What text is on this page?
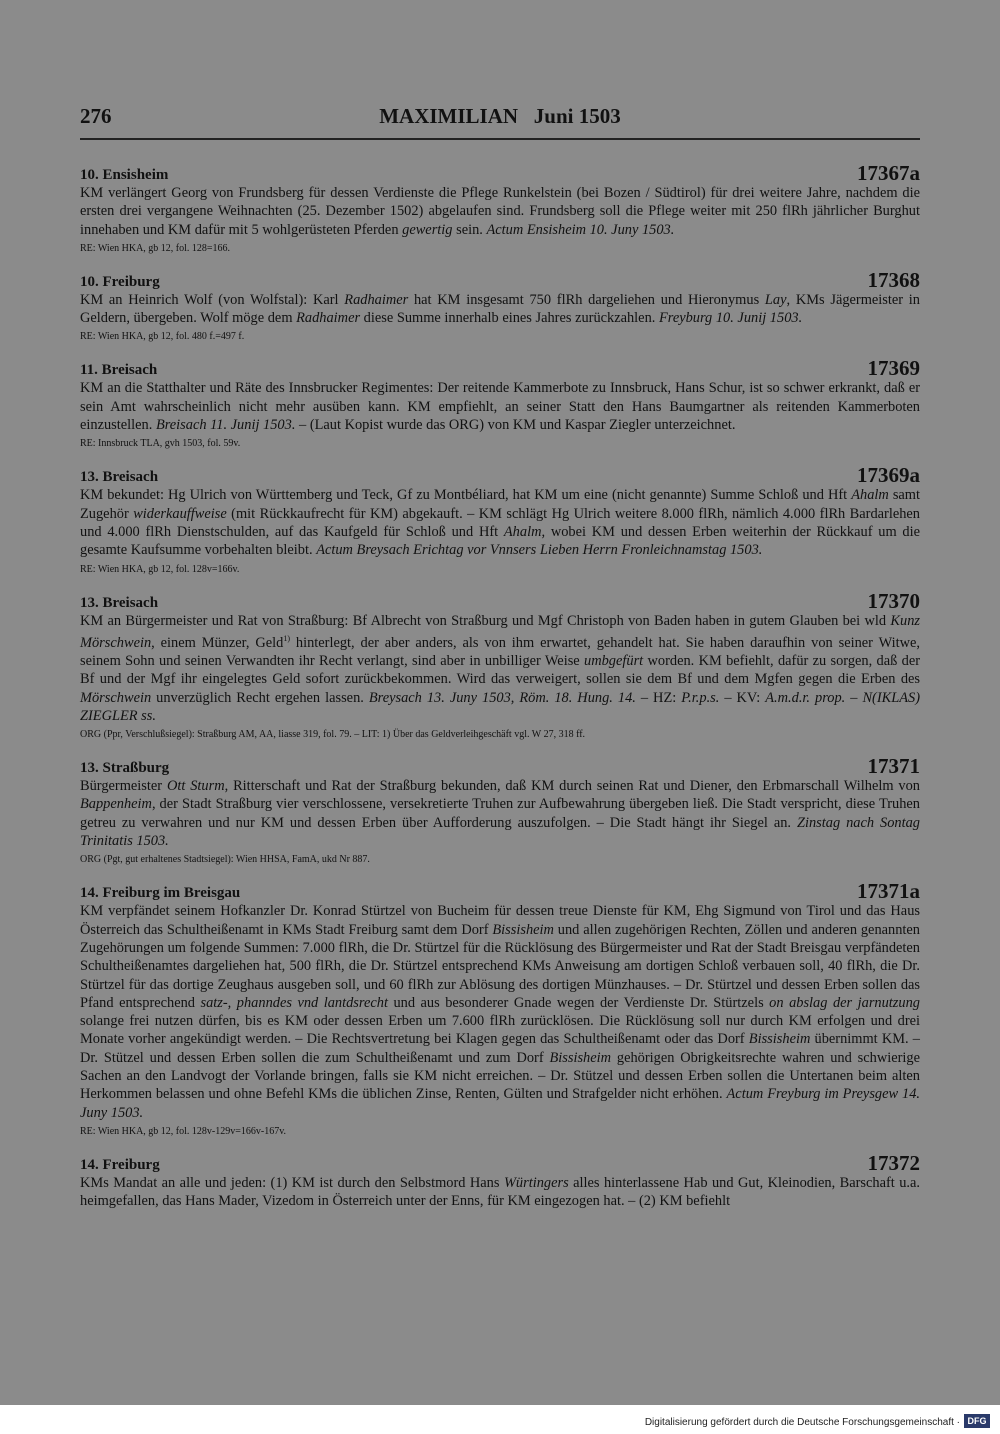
276	MAXIMILIAN   Juni 1503
10. Ensisheim	17367a

KM verlängert Georg von Frundsberg für dessen Verdienste die Pflege Runkelstein (bei Bozen / Südtirol) für drei weitere Jahre, nachdem die ersten drei vergangene Weihnachten (25. Dezember 1502) abgelaufen sind. Frundsberg soll die Pflege weiter mit 250 flRh jährlicher Burghut innehaben und KM dafür mit 5 wohlgerüsteten Pferden gewertig sein. Actum Ensisheim 10. Juny 1503.

RE: Wien HKA, gb 12, fol. 128=166.
10. Freiburg	17368

KM an Heinrich Wolf (von Wolfstal): Karl Radhaimer hat KM insgesamt 750 flRh dargeliehen und Hieronymus Lay, KMs Jägermeister in Geldern, übergeben. Wolf möge dem Radhaimer diese Summe innerhalb eines Jahres zurückzahlen. Freyburg 10. Junij 1503.

RE: Wien HKA, gb 12, fol. 480 f.=497 f.
11. Breisach	17369

KM an die Statthalter und Räte des Innsbrucker Regimentes: Der reitende Kammerbote zu Innsbruck, Hans Schur, ist so schwer erkrankt, daß er sein Amt wahrscheinlich nicht mehr ausüben kann. KM empfiehlt, an seiner Statt den Hans Baumgartner als reitenden Kammerboten einzustellen. Breisach 11. Junij 1503. – (Laut Kopist wurde das ORG) von KM und Kaspar Ziegler unterzeichnet.

RE: Innsbruck TLA, gvh 1503, fol. 59v.
13. Breisach	17369a

KM bekundet: Hg Ulrich von Württemberg und Teck, Gf zu Montbéliard, hat KM um eine (nicht genannte) Summe Schloß und Hft Ahalm samt Zugehör widerkauffweise (mit Rückkaufrecht für KM) abgekauft. – KM schlägt Hg Ulrich weitere 8.000 flRh, nämlich 4.000 flRh Bardarlehen und 4.000 flRh Dienstschulden, auf das Kaufgeld für Schloß und Hft Ahalm, wobei KM und dessen Erben weiterhin der Rückkauf um die gesamte Kaufsumme vorbehalten bleibt. Actum Breysach Erichtag vor Vnnsers Lieben Herrn Fronleichnamstag 1503.

RE: Wien HKA, gb 12, fol. 128v=166v.
13. Breisach	17370

KM an Bürgermeister und Rat von Straßburg: Bf Albrecht von Straßburg und Mgf Christoph von Baden haben in gutem Glauben bei wld Kunz Mörschwein, einem Münzer, Geld$^{1)}$ hinterlegt, der aber anders, als von ihm erwartet, gehandelt hat. Sie haben daraufhin von seiner Witwe, seinem Sohn und seinen Verwandten ihr Recht verlangt, sind aber in unbilliger Weise umbgefürt worden. KM befiehlt, dafür zu sorgen, daß der Bf und der Mgf ihr eingelegtes Geld sofort zurückbekommen. Wird das verweigert, sollen sie dem Bf und dem Mgfen gegen die Erben des Mörschwein unverzüglich Recht ergehen lassen. Breysach 13. Juny 1503, Röm. 18. Hung. 14. – HZ: P.r.p.s. – KV: A.m.d.r. prop. – N(IKLAS) ZIEGLER ss.

ORG (Ppr, Verschlußsiegel): Straßburg AM, AA, liasse 319, fol. 79. – LIT: 1) Über das Geldverleihgeschäft vgl. W 27, 318 ff.
13. Straßburg	17371

Bürgermeister Ott Sturm, Ritterschaft und Rat der Straßburg bekunden, daß KM durch seinen Rat und Diener, den Erbmarschall Wilhelm von Bappenheim, der Stadt Straßburg vier verschlossene, versekretierte Truhen zur Aufbewahrung übergeben ließ. Die Stadt verspricht, diese Truhen getreu zu verwahren und nur KM und dessen Erben über Aufforderung auszufolgen. – Die Stadt hängt ihr Siegel an. Zinstag nach Sontag Trinitatis 1503.

ORG (Pgt, gut erhaltenes Stadtsiegel): Wien HHSA, FamA, ukd Nr 887.
14. Freiburg im Breisgau	17371a

KM verpfändet seinem Hofkanzler Dr. Konrad Stürtzel von Bucheim für dessen treue Dienste für KM, Ehg Sigmund von Tirol und das Haus Österreich das Schultheißenamt in KMs Stadt Freiburg samt dem Dorf Bissisheim und allen zugehörigen Rechten, Zöllen und anderen genannten Zugehörungen um folgende Summen: 7.000 flRh, die Dr. Stürtzel für die Rücklösung des Bürgermeister und Rat der Stadt Breisgau verpfändeten Schultheißenamtes dargeliehen hat, 500 flRh, die Dr. Stürtzel entsprechend KMs Anweisung am dortigen Schloß verbauen soll, 40 flRh, die Dr. Stürtzel für das dortige Zeughaus ausgeben soll, und 60 flRh zur Ablösung des dortigen Münzhauses. – Dr. Stürtzel und dessen Erben sollen das Pfand entsprechend satz-, phanndes vnd lantdsrecht und aus besonderer Gnade wegen der Verdienste Dr. Stürtzels on abslag der jarnutzung solange frei nutzen dürfen, bis es KM oder dessen Erben um 7.600 flRh zurücklösen. Die Rücklösung soll nur durch KM erfolgen und drei Monate vorher angekündigt werden. – Die Rechtsvertretung bei Klagen gegen das Schultheißenamt oder das Dorf Bissisheim übernimmt KM. – Dr. Stützel und dessen Erben sollen die zum Schultheißenamt und zum Dorf Bissisheim gehörigen Obrigkeitsrechte wahren und schwierige Sachen an den Landvogt der Vorlande bringen, falls sie KM nicht erreichen. – Dr. Stützel und dessen Erben sollen die Untertanen beim alten Herkommen belassen und ohne Befehl KMs die üblichen Zinse, Renten, Gülten und Strafgelder nicht erhöhen. Actum Freyburg im Preysgew 14. Juny 1503.

RE: Wien HKA, gb 12, fol. 128v-129v=166v-167v.
14. Freiburg	17372

KMs Mandat an alle und jeden: (1) KM ist durch den Selbstmord Hans Würtingers alles hinterlassene Hab und Gut, Kleinodien, Barschaft u.a. heimgefallen, das Hans Mader, Vizedom in Österreich unter der Enns, für KM eingezogen hat. – (2) KM befiehlt

Digitalisierung gefördert durch die Deutsche Forschungsgemeinschaft · DFG
